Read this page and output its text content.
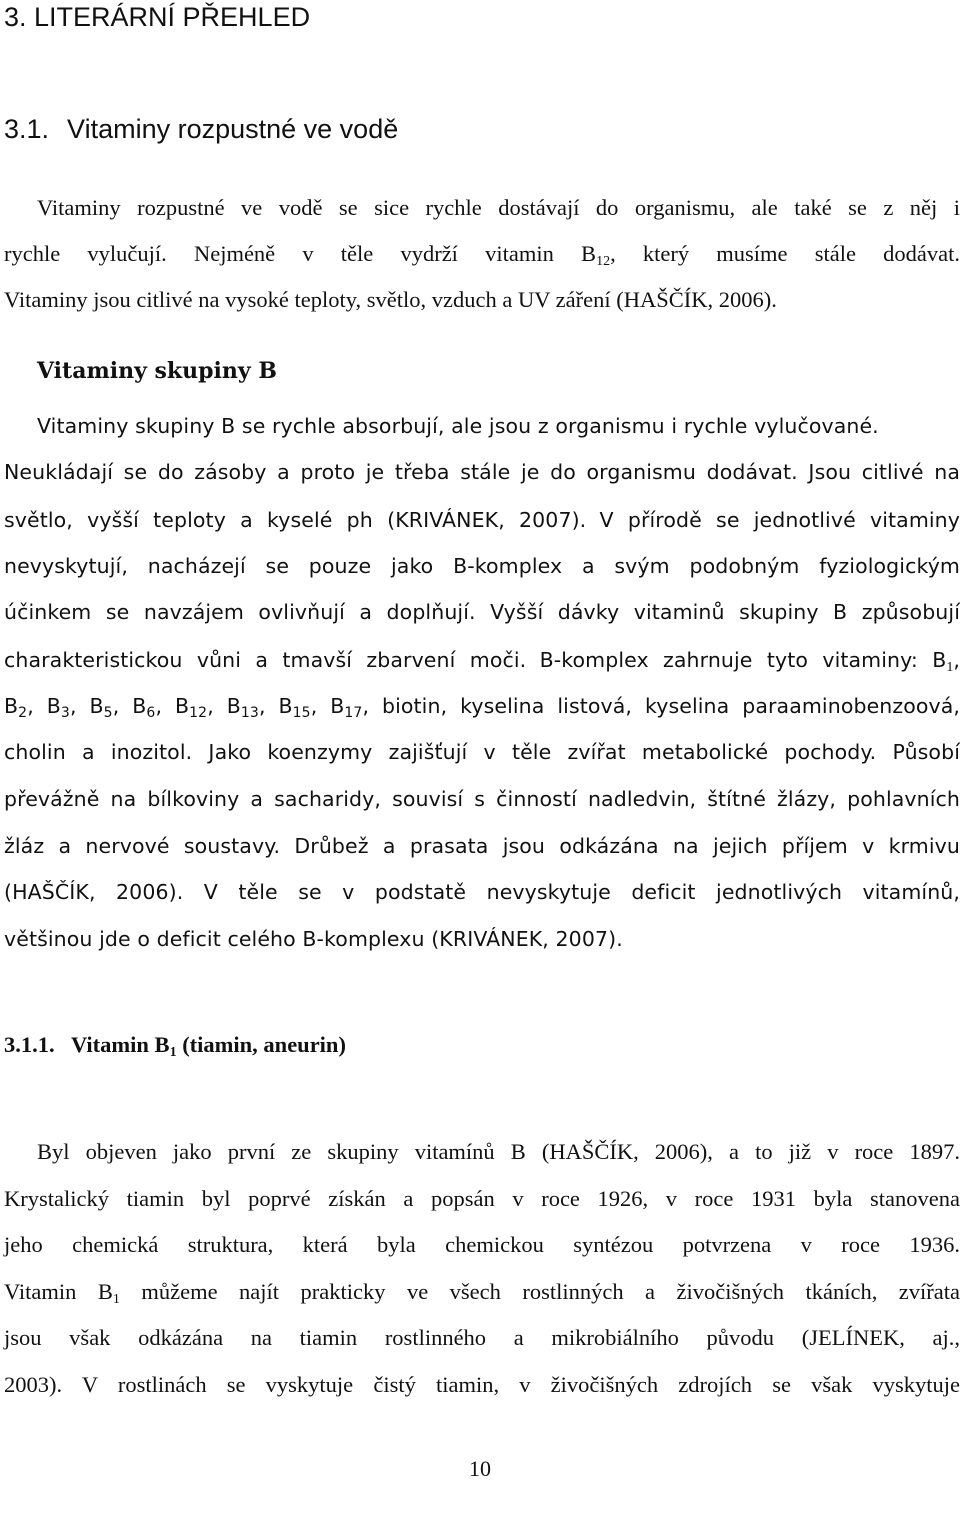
3. LITERÁRNÍ PŘEHLED
3.1. Vitaminy rozpustné ve vodě
Vitaminy rozpustné ve vodě se sice rychle dostávají do organismu, ale také se z něj i
rychle vylučují. Nejméně v těle vydrží vitamin $B_{12}$, který musíme stále dodávat.
Vitaminy jsou citlivé na vysoké teploty, světlo, vzduch a UV záření (HAŠČÍK, 2006).
Vitaminy skupiny B
Vitaminy skupiny B se rychle absorbují, ale jsou z organismu i rychle vylučované.
Neukládají se do zásoby a proto je třeba stále je do organismu dodávat. Jsou citlivé na
světlo, vyšší teploty a kyselé ph (KRIVÁNEK, 2007). V přírodě se jednotlivé vitaminy
nevyskytují, nacházejí se pouze jako B-komplex a svým podobným fyziologickým
účinkem se navzájem ovlivňují a doplňují. Vyšší dávky vitaminů skupiny B způsobují
charakteristickou vůni a tmavší zbarvení moči. B-komplex zahrnuje tyto vitaminy: $B_1$,
$B_2$, $B_3$, $B_5$, $B_6$, $B_{12}$, $B_{13}$, $B_{15}$, $B_{17}$, biotin, kyselina listová, kyselina paraaminobenzoová,
cholin a inozitol. Jako koenzymy zajišťují v těle zvířat metabolické pochody. Působí
převážně na bílkoviny a sacharidy, souvisí s činností nadledvin, štítné žlázy, pohlavních
žláz a nervové soustavy. Drůbež a prasata jsou odkázána na jejich příjem v krmivu
(HAŠČÍK, 2006). V těle se v podstatě nevyskytuje deficit jednotlivých vitamínů,
většinou jde o deficit celého B-komplexu (KRIVÁNEK, 2007).
3.1.1. Vitamin $B_1$ (tiamin, aneurin)
Byl objeven jako první ze skupiny vitamínů B (HAŠČÍK, 2006), a to již v roce 1897.
Krystalický tiamin byl poprvé získán a popsán v roce 1926, v roce 1931 byla stanovena
jeho chemická struktura, která byla chemickou syntézou potvrzena v roce 1936.
Vitamin $B_1$ můžeme najít prakticky ve všech rostlinných a živočišných tkáních, zvířata
jsou však odkázána na tiamin rostlinného a mikrobiálního původu (JELÍNEK, aj.,
2003). V rostlinách se vyskytuje čistý tiamin, v živočišných zdrojích se však vyskytuje
10
